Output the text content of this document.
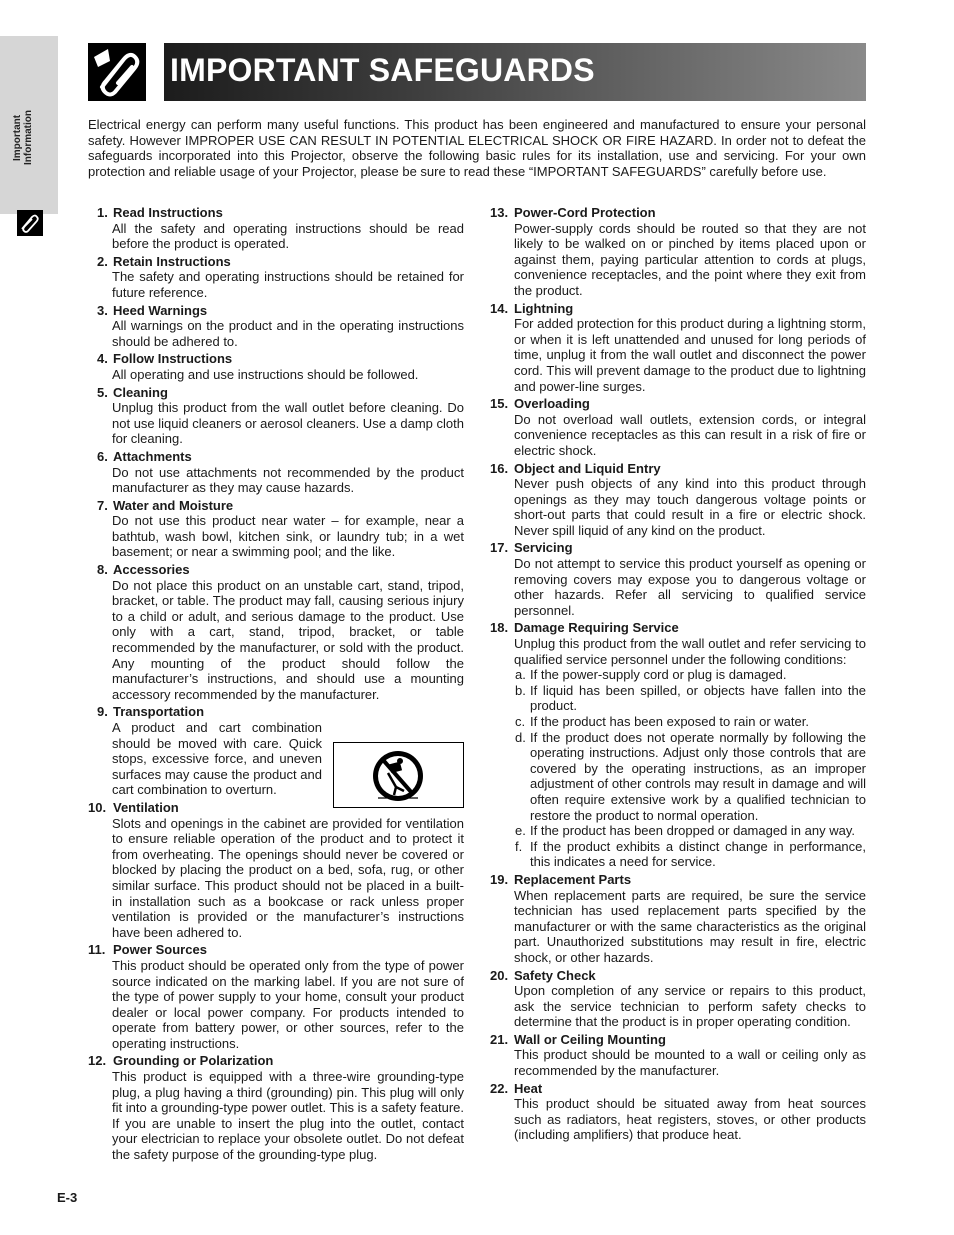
Important
Information
IMPORTANT SAFEGUARDS

Electrical energy can perform many useful functions. This product has been engineered and manufactured to ensure your personal safety. However IMPROPER USE CAN RESULT IN POTENTIAL ELECTRICAL SHOCK OR FIRE HAZARD. In order not to defeat the safeguards incorporated into this Projector, observe the following basic rules for its installation, use and servicing. For your own protection and reliable usage of your Projector, please be sure to read these “IMPORTANT SAFEGUARDS” carefully before use.

1. Read Instructions
All the safety and operating instructions should be read before the product is operated.
2. Retain Instructions
The safety and operating instructions should be retained for future reference.
3. Heed Warnings
All warnings on the product and in the operating instructions should be adhered to.
4. Follow Instructions
All operating and use instructions should be followed.
5. Cleaning
Unplug this product from the wall outlet before cleaning. Do not use liquid cleaners or aerosol cleaners. Use a damp cloth for cleaning.
6. Attachments
Do not use attachments not recommended by the product manufacturer as they may cause hazards.
7. Water and Moisture
Do not use this product near water – for example, near a bathtub, wash bowl, kitchen sink, or laundry tub; in a wet basement; or near a swimming pool; and the like.
8. Accessories
Do not place this product on an unstable cart, stand, tripod, bracket, or table. The product may fall, causing serious injury to a child or adult, and serious damage to the product. Use only with a cart, stand, tripod, bracket, or table recommended by the manufacturer, or sold with the product. Any mounting of the product should follow the manufacturer’s instructions, and should use a mounting accessory recommended by the manufacturer.
9. Transportation
A product and cart combination should be moved with care. Quick stops, excessive force, and uneven surfaces may cause the product and cart combination to overturn.
10. Ventilation
Slots and openings in the cabinet are provided for ventilation to ensure reliable operation of the product and to protect it from overheating. The openings should never be covered or blocked by placing the product on a bed, sofa, rug, or other similar surface. This product should not be placed in a built-in installation such as a bookcase or rack unless proper ventilation is provided or the manufacturer’s instructions have been adhered to.
11. Power Sources
This product should be operated only from the type of power source indicated on the marking label. If you are not sure of the type of power supply to your home, consult your product dealer or local power company. For products intended to operate from battery power, or other sources, refer to the operating instructions.
12. Grounding or Polarization
This product is equipped with a three-wire grounding-type plug, a plug having a third (grounding) pin. This plug will only fit into a grounding-type power outlet. This is a safety feature. If you are unable to insert the plug into the outlet, contact your electrician to replace your obsolete outlet. Do not defeat the safety purpose of the grounding-type plug.
13. Power-Cord Protection
Power-supply cords should be routed so that they are not likely to be walked on or pinched by items placed upon or against them, paying particular attention to cords at plugs, convenience receptacles, and the point where they exit from the product.
14. Lightning
For added protection for this product during a lightning storm, or when it is left unattended and unused for long periods of time, unplug it from the wall outlet and disconnect the power cord. This will prevent damage to the product due to lightning and power-line surges.
15. Overloading
Do not overload wall outlets, extension cords, or integral convenience receptacles as this can result in a risk of fire or electric shock.
16. Object and Liquid Entry
Never push objects of any kind into this product through openings as they may touch dangerous voltage points or short-out parts that could result in a fire or electric shock. Never spill liquid of any kind on the product.
17. Servicing
Do not attempt to service this product yourself as opening or removing covers may expose you to dangerous voltage or other hazards. Refer all servicing to qualified service personnel.
18. Damage Requiring Service
Unplug this product from the wall outlet and refer servicing to qualified service personnel under the following conditions:
a. If the power-supply cord or plug is damaged.
b. If liquid has been spilled, or objects have fallen into the product.
c. If the product has been exposed to rain or water.
d. If the product does not operate normally by following the operating instructions. Adjust only those controls that are covered by the operating instructions, as an improper adjustment of other controls may result in damage and will often require extensive work by a qualified technician to restore the product to normal operation.
e. If the product has been dropped or damaged in any way.
f. If the product exhibits a distinct change in performance, this indicates a need for service.
19. Replacement Parts
When replacement parts are required, be sure the service technician has used replacement parts specified by the manufacturer or with the same characteristics as the original part. Unauthorized substitutions may result in fire, electric shock, or other hazards.
20. Safety Check
Upon completion of any service or repairs to this product, ask the service technician to perform safety checks to determine that the product is in proper operating condition.
21. Wall or Ceiling Mounting
This product should be mounted to a wall or ceiling only as recommended by the manufacturer.
22. Heat
This product should be situated away from heat sources such as radiators, heat registers, stoves, or other products (including amplifiers) that produce heat.
E-3
